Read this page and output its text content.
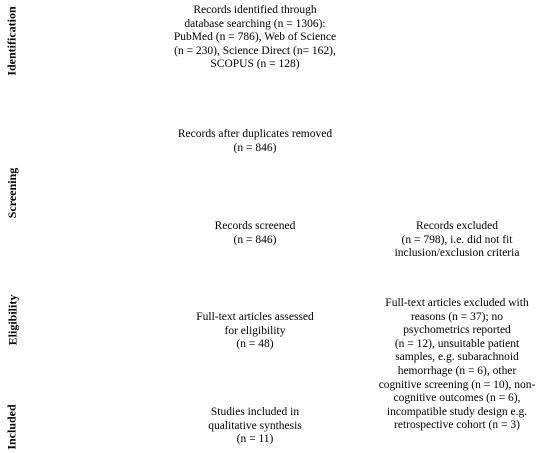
Identification
Screening
Eligibility
Included
Records identified through
database searching (n = 1306):
PubMed (n = 786), Web of Science
(n = 230), Science Direct (n= 162),
SCOPUS (n = 128)
Records after duplicates removed
(n = 846)
Records screened
(n = 846)
Records excluded
(n = 798), i.e. did not fit
inclusion/exclusion criteria
Full-text articles assessed
for eligibility
(n = 48)
Full-text articles excluded with
reasons (n = 37); no
psychometrics reported
(n = 12), unsuitable patient
samples, e.g. subarachnoid
hemorrhage (n = 6), other
cognitive screening (n = 10), non-
cognitive outcomes (n = 6),
incompatible study design e.g.
retrospective cohort (n = 3)
Studies included in
qualitative synthesis
(n = 11)
